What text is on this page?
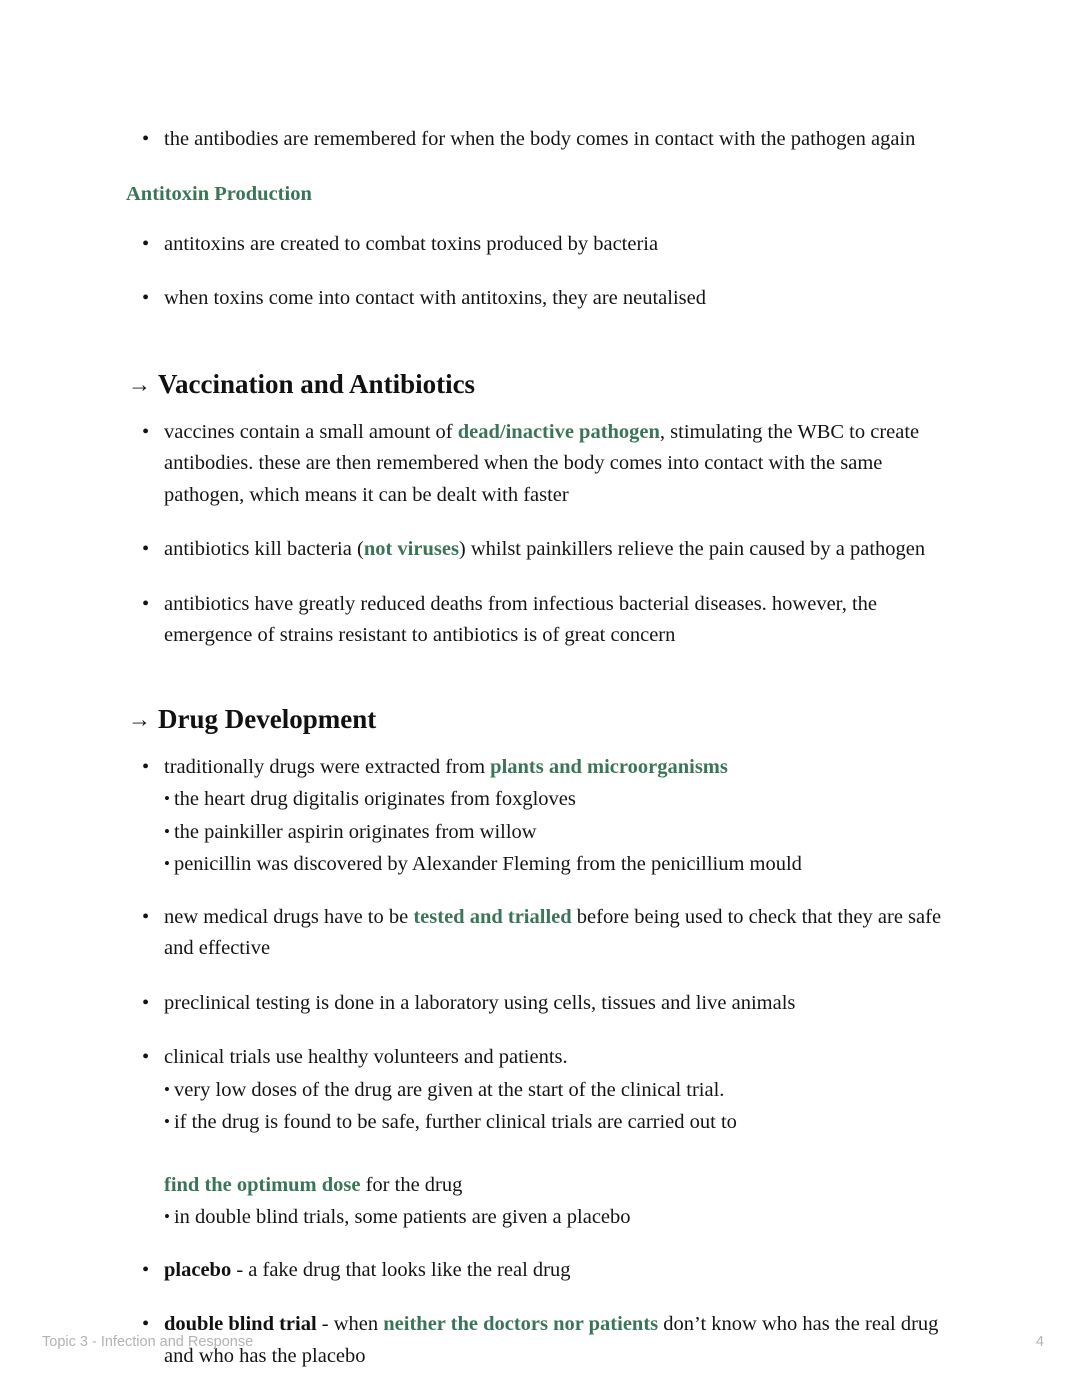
• the antibodies are remembered for when the body comes in contact with the pathogen again
Antitoxin Production
• antitoxins are created to combat toxins produced by bacteria
• when toxins come into contact with antitoxins, they are neutalised
→ Vaccination and Antibiotics
• vaccines contain a small amount of dead/inactive pathogen, stimulating the WBC to create antibodies. these are then remembered when the body comes into contact with the same pathogen, which means it can be dealt with faster
• antibiotics kill bacteria (not viruses) whilst painkillers relieve the pain caused by a pathogen
• antibiotics have greatly reduced deaths from infectious bacterial diseases. however, the emergence of strains resistant to antibiotics is of great concern
→ Drug Development
• traditionally drugs were extracted from plants and microorganisms
• the heart drug digitalis originates from foxgloves
• the painkiller aspirin originates from willow
• penicillin was discovered by Alexander Fleming from the penicillium mould
• new medical drugs have to be tested and trialled before being used to check that they are safe and effective
• preclinical testing is done in a laboratory using cells, tissues and live animals
• clinical trials use healthy volunteers and patients.
• very low doses of the drug are given at the start of the clinical trial.
• if the drug is found to be safe, further clinical trials are carried out to
find the optimum dose for the drug
• in double blind trials, some patients are given a placebo
• placebo - a fake drug that looks like the real drug
• double blind trial - when neither the doctors nor patients don’t know who has the real drug and who has the placebo
Topic 3 - Infection and Response	4
